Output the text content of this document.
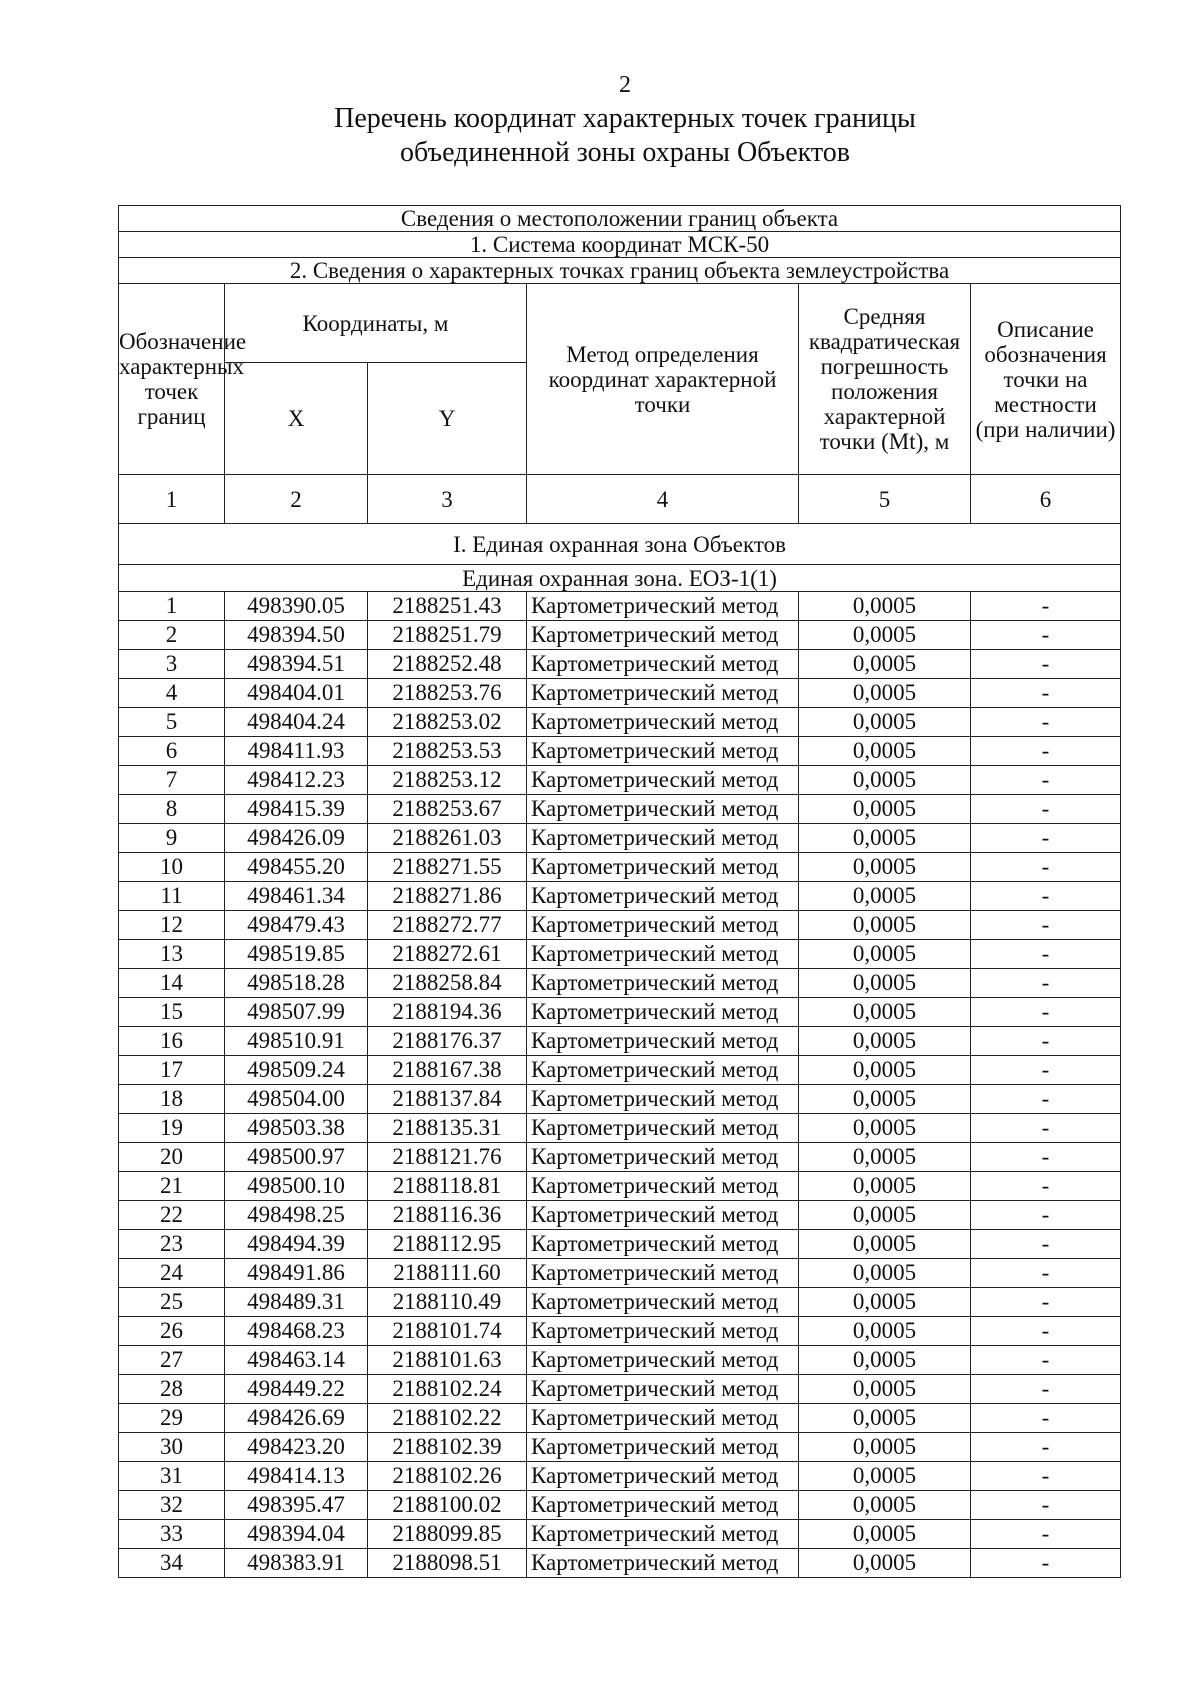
2
Перечень координат характерных точек границы
объединенной зоны охраны Объектов
Сведения о местоположении границ объекта					
1. Система координат МСК-50					
2. Сведения о характерных точках границ объекта землеустройства					
Обозначение характерных точек границ	Координаты, м		Метод определения координат характерной точки	Средняя квадратическая погрешность положения характерной точки (Mt), м	Описание обозначения точки на местности (при наличии)
	X	Y			
1	2	3	4	5	6
I. Единая охранная зона Объектов					
Единая охранная зона. ЕОЗ-1(1)					
1	498390.05	2188251.43	Картометрический метод	0,0005	-
2	498394.50	2188251.79	Картометрический метод	0,0005	-
3	498394.51	2188252.48	Картометрический метод	0,0005	-
4	498404.01	2188253.76	Картометрический метод	0,0005	-
5	498404.24	2188253.02	Картометрический метод	0,0005	-
6	498411.93	2188253.53	Картометрический метод	0,0005	-
7	498412.23	2188253.12	Картометрический метод	0,0005	-
8	498415.39	2188253.67	Картометрический метод	0,0005	-
9	498426.09	2188261.03	Картометрический метод	0,0005	-
10	498455.20	2188271.55	Картометрический метод	0,0005	-
11	498461.34	2188271.86	Картометрический метод	0,0005	-
12	498479.43	2188272.77	Картометрический метод	0,0005	-
13	498519.85	2188272.61	Картометрический метод	0,0005	-
14	498518.28	2188258.84	Картометрический метод	0,0005	-
15	498507.99	2188194.36	Картометрический метод	0,0005	-
16	498510.91	2188176.37	Картометрический метод	0,0005	-
17	498509.24	2188167.38	Картометрический метод	0,0005	-
18	498504.00	2188137.84	Картометрический метод	0,0005	-
19	498503.38	2188135.31	Картометрический метод	0,0005	-
20	498500.97	2188121.76	Картометрический метод	0,0005	-
21	498500.10	2188118.81	Картометрический метод	0,0005	-
22	498498.25	2188116.36	Картометрический метод	0,0005	-
23	498494.39	2188112.95	Картометрический метод	0,0005	-
24	498491.86	2188111.60	Картометрический метод	0,0005	-
25	498489.31	2188110.49	Картометрический метод	0,0005	-
26	498468.23	2188101.74	Картометрический метод	0,0005	-
27	498463.14	2188101.63	Картометрический метод	0,0005	-
28	498449.22	2188102.24	Картометрический метод	0,0005	-
29	498426.69	2188102.22	Картометрический метод	0,0005	-
30	498423.20	2188102.39	Картометрический метод	0,0005	-
31	498414.13	2188102.26	Картометрический метод	0,0005	-
32	498395.47	2188100.02	Картометрический метод	0,0005	-
33	498394.04	2188099.85	Картометрический метод	0,0005	-
34	498383.91	2188098.51	Картометрический метод	0,0005	-
